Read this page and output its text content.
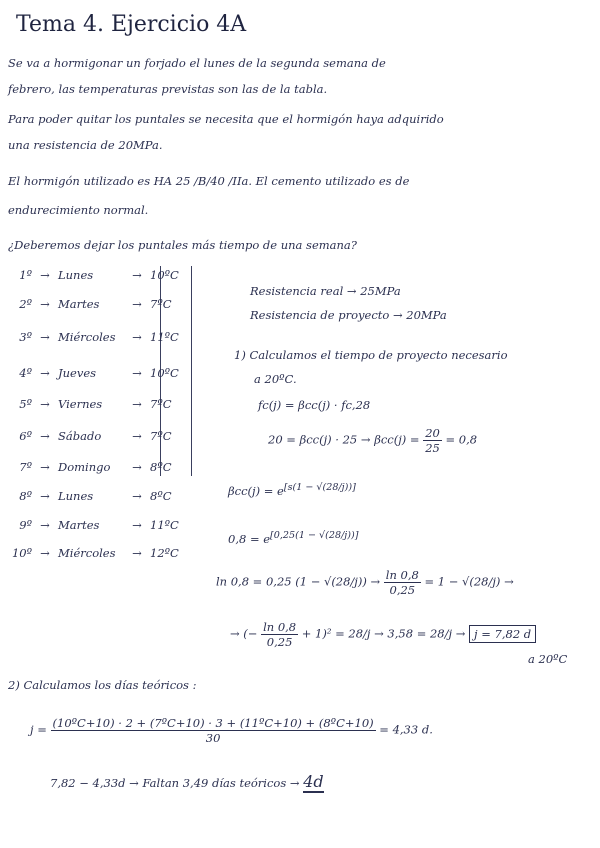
Tema 4. Ejercicio 4A
Se va a hormigonar un forjado el lunes de la segunda semana de
febrero, las temperaturas previstas son las de la tabla.
Para poder quitar los puntales se necesita que el hormigón haya adquirido
una resistencia de 20MPa.
El hormigón utilizado es HA 25 /B/40 /IIa. El cemento utilizado es de
endurecimiento normal.
¿Deberemos dejar los puntales más tiempo de una semana?
1º → Lunes	→ 10ºC
2º → Martes	→ 7ºC
3º → Miércoles → 11ºC
4º → Jueves	→ 10ºC
5º → Viernes	→ 7ºC
6º → Sábado	→ 7ºC
7º → Domingo → 8ºC
8º → Lunes	→ 8ºC
9º → Martes	→ 11ºC
10º → Miércoles → 12ºC
Resistencia real → 25MPa
Resistencia de proyecto → 20MPa
1) Calculamos el tiempo de proyecto necesario
a 20ºC.
fc(j) = βcc(j) · fc,28
$20 = \beta cc(j) \cdot 25 \to \beta cc(j) = \frac{20}{25} = 0,8$
βcc(j) = e[s(1 − √(28/j))]
0,8 = e[0,25(1 − √(28/j))]
ln 0,8 = 0,25 $(1 - √(28/j)) \to \frac{\ln 0,8}{0,25} = 1 - √(28/j)$ →
→ (− $\frac{\ln 0,8}{0,25} + 1)^2 = 28/j \to 3,58 = 28/j \to j = 7,82$ d
a 20ºC
2) Calculamos los días teóricos :
$j = \frac{\text{(10ºC+10) · 2 + (7ºC+10) · 3 + (11ºC+10) + (8ºC+10)}}{30} = 4,33$ d.
7,82 − 4,33d → Faltan 3,49 días teóricos → 4d
